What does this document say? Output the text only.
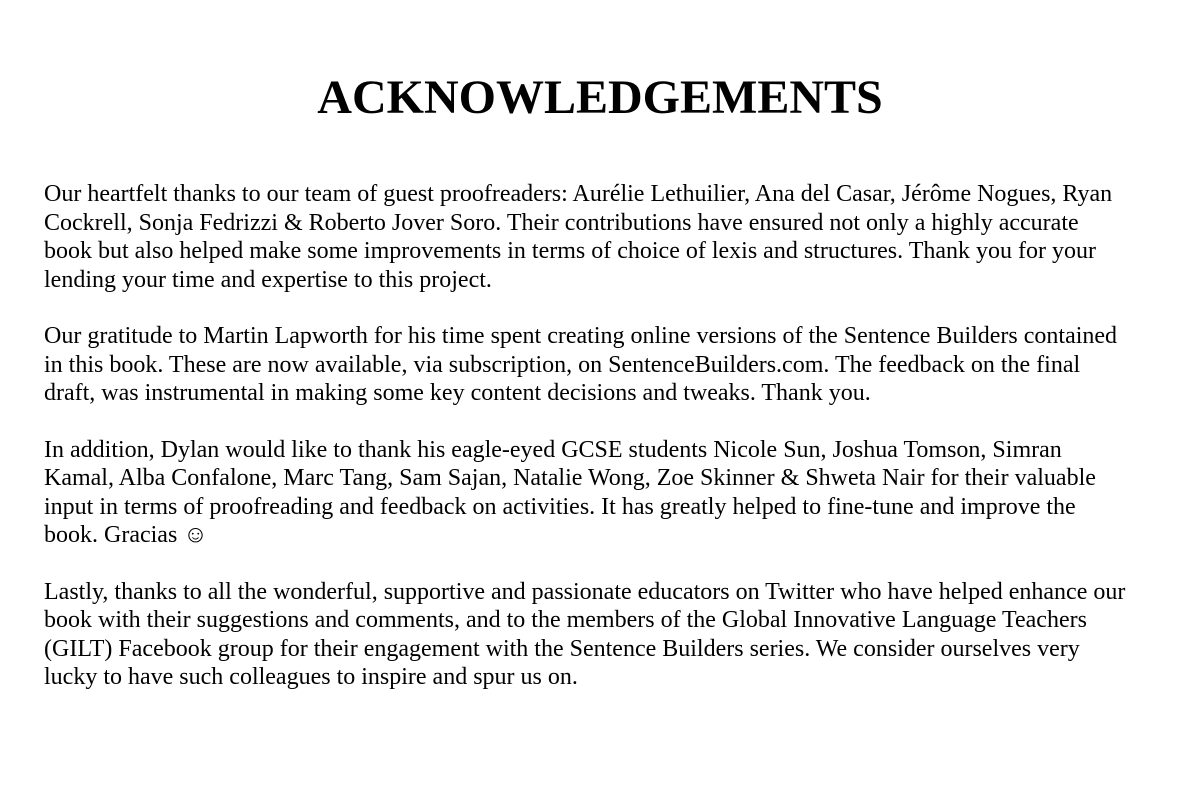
ACKNOWLEDGEMENTS

Our heartfelt thanks to our team of guest proofreaders: Aurélie Lethuilier, Ana del Casar, Jérôme Nogues, Ryan
Cockrell, Sonja Fedrizzi & Roberto Jover Soro. Their contributions have ensured not only a highly accurate
book but also helped make some improvements in terms of choice of lexis and structures. Thank you for your
lending your time and expertise to this project.

Our gratitude to Martin Lapworth for his time spent creating online versions of the Sentence Builders contained
in this book. These are now available, via subscription, on SentenceBuilders.com. The feedback on the final
draft, was instrumental in making some key content decisions and tweaks. Thank you.

In addition, Dylan would like to thank his eagle-eyed GCSE students Nicole Sun, Joshua Tomson, Simran
Kamal, Alba Confalone, Marc Tang, Sam Sajan, Natalie Wong, Zoe Skinner & Shweta Nair for their valuable
input in terms of proofreading and feedback on activities. It has greatly helped to fine-tune and improve the
book. Gracias ☺

Lastly, thanks to all the wonderful, supportive and passionate educators on Twitter who have helped enhance our
book with their suggestions and comments, and to the members of the Global Innovative Language Teachers
(GILT) Facebook group for their engagement with the Sentence Builders series. We consider ourselves very
lucky to have such colleagues to inspire and spur us on.
